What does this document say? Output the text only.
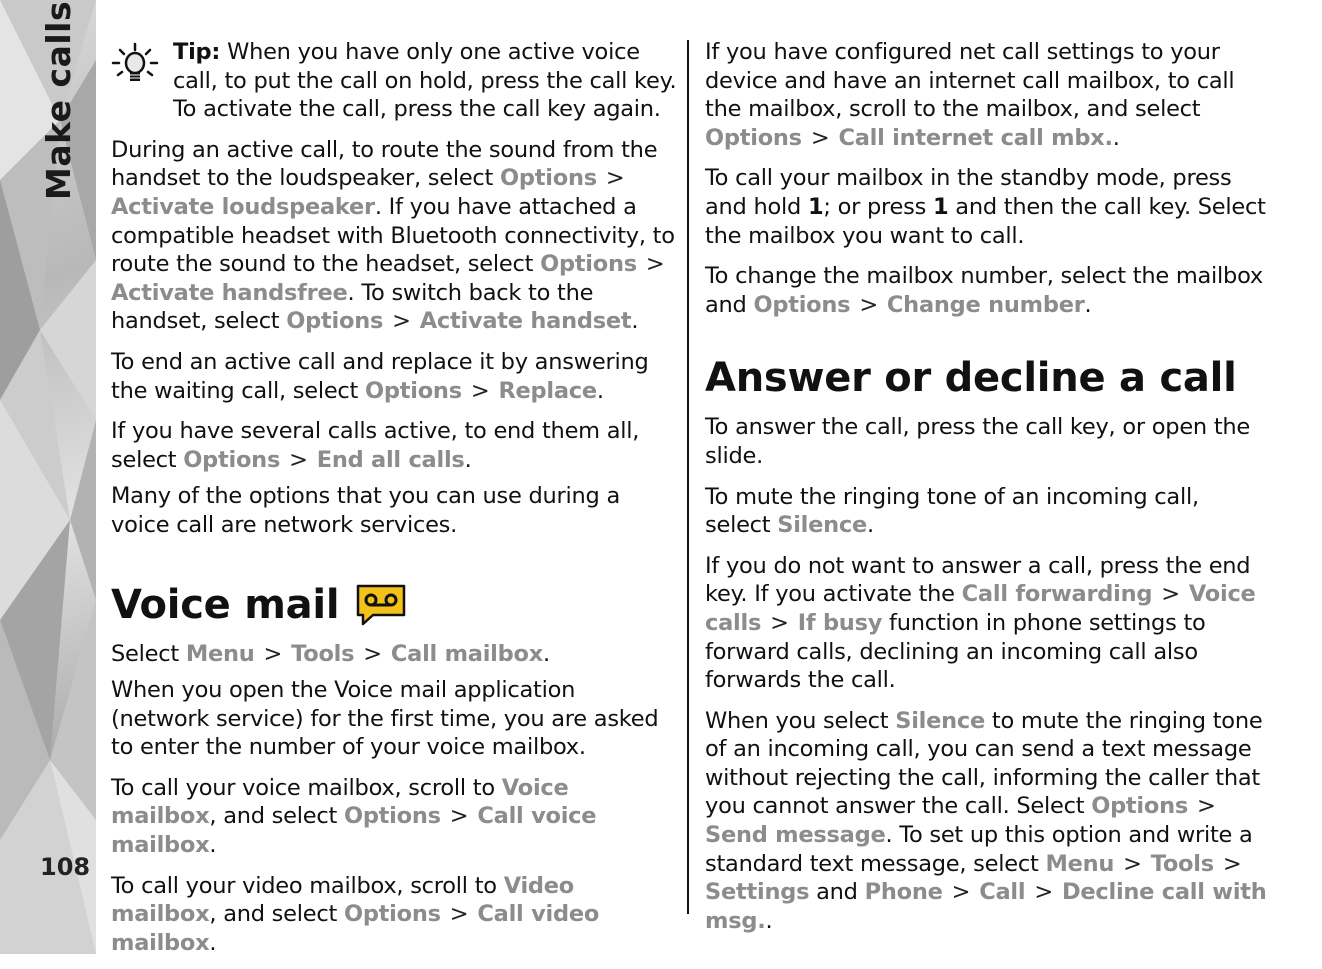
Make calls
108
Tip: When you have only one active voice call, to put the call on hold, press the call key. To activate the call, press the call key again.

During an active call, to route the sound from the handset to the loudspeaker, select Options >Activate loudspeaker. If you have attached a compatible headset with Bluetooth connectivity, to route the sound to the headset, select Options >Activate handsfree. To switch back to the handset, select Options > Activate handset.

To end an active call and replace it by answering the waiting call, select Options > Replace.

If you have several calls active, to end them all, select Options > End all calls.

Many of the options that you can use during a voice call are network services.

Voice mail

Select Menu > Tools > Call mailbox.

When you open the Voice mail application (network service) for the first time, you are asked to enter the number of your voice mailbox.

To call your voice mailbox, scroll to Voice mailbox, and select Options > Call voice mailbox.

To call your video mailbox, scroll to Video mailbox, and select Options > Call video mailbox.

If you have configured net call settings to your device and have an internet call mailbox, to call the mailbox, scroll to the mailbox, and select Options > Call internet call mbx..

To call your mailbox in the standby mode, press and hold 1; or press 1 and then the call key. Select the mailbox you want to call.

To change the mailbox number, select the mailbox and Options > Change number.

Answer or decline a call

To answer the call, press the call key, or open the slide.

To mute the ringing tone of an incoming call, select Silence.

If you do not want to answer a call, press the end key. If you activate the Call forwarding > Voice calls > If busy function in phone settings to forward calls, declining an incoming call also forwards the call.

When you select Silence to mute the ringing tone of an incoming call, you can send a text message without rejecting the call, informing the caller that you cannot answer the call. Select Options >Send message. To set up this option and write a standard text message, select Menu > Tools >Settings and Phone > Call > Decline call with msg..
